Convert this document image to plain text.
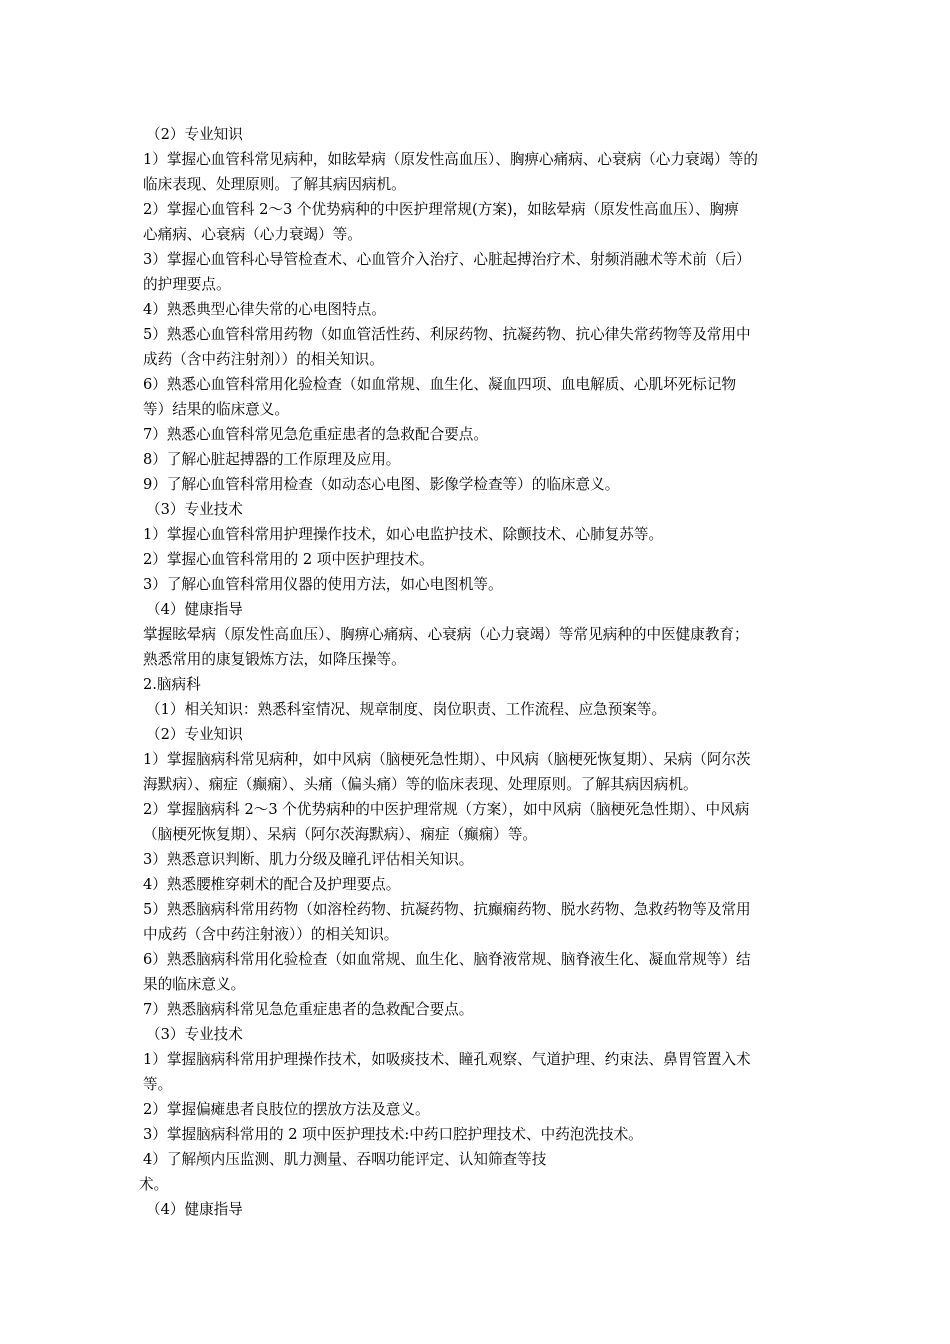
（2）专业知识

1）掌握心血管科常见病种，如眩晕病（原发性高血压）、胸痹心痛病、心衰病（心力衰竭）等的

临床表现、处理原则。了解其病因病机。

2）掌握心血管科 2～3 个优势病种的中医护理常规(方案)，如眩晕病（原发性高血压）、胸痹

心痛病、心衰病（心力衰竭）等。

3）掌握心血管科心导管检查术、心血管介入治疗、心脏起搏治疗术、射频消融术等术前（后）

的护理要点。

4）熟悉典型心律失常的心电图特点。

5）熟悉心血管科常用药物（如血管活性药、利尿药物、抗凝药物、抗心律失常药物等及常用中

成药（含中药注射剂））的相关知识。

6）熟悉心血管科常用化验检查（如血常规、血生化、凝血四项、血电解质、心肌坏死标记物

等）结果的临床意义。

7）熟悉心血管科常见急危重症患者的急救配合要点。

8）了解心脏起搏器的工作原理及应用。

9）了解心血管科常用检查（如动态心电图、影像学检查等）的临床意义。

（3）专业技术

1）掌握心血管科常用护理操作技术，如心电监护技术、除颤技术、心肺复苏等。

2）掌握心血管科常用的 2 项中医护理技术。

3）了解心血管科常用仪器的使用方法，如心电图机等。

（4）健康指导

掌握眩晕病（原发性高血压）、胸痹心痛病、心衰病（心力衰竭）等常见病种的中医健康教育；

熟悉常用的康复锻炼方法，如降压操等。

2.脑病科

（1）相关知识：熟悉科室情况、规章制度、岗位职责、工作流程、应急预案等。

（2）专业知识

1）掌握脑病科常见病种，如中风病（脑梗死急性期）、中风病（脑梗死恢复期）、呆病（阿尔茨

海默病）、痫症（癫痫）、头痛（偏头痛）等的临床表现、处理原则。了解其病因病机。

2）掌握脑病科 2～3 个优势病种的中医护理常规（方案），如中风病（脑梗死急性期）、中风病

（脑梗死恢复期）、呆病（阿尔茨海默病）、痫症（癫痫）等。

3）熟悉意识判断、肌力分级及瞳孔评估相关知识。

4）熟悉腰椎穿刺术的配合及护理要点。

5）熟悉脑病科常用药物（如溶栓药物、抗凝药物、抗癫痫药物、脱水药物、急救药物等及常用

中成药（含中药注射液））的相关知识。

6）熟悉脑病科常用化验检查（如血常规、血生化、脑脊液常规、脑脊液生化、凝血常规等）结

果的临床意义。

7）熟悉脑病科常见急危重症患者的急救配合要点。

（3）专业技术

1）掌握脑病科常用护理操作技术，如吸痰技术、瞳孔观察、气道护理、约束法、鼻胃管置入术

等。

2）掌握偏瘫患者良肢位的摆放方法及意义。

3）掌握脑病科常用的 2 项中医护理技术:中药口腔护理技术、中药泡洗技术。

4）了解颅内压监测、肌力测量、吞咽功能评定、认知筛查等技

术。

（4）健康指导
